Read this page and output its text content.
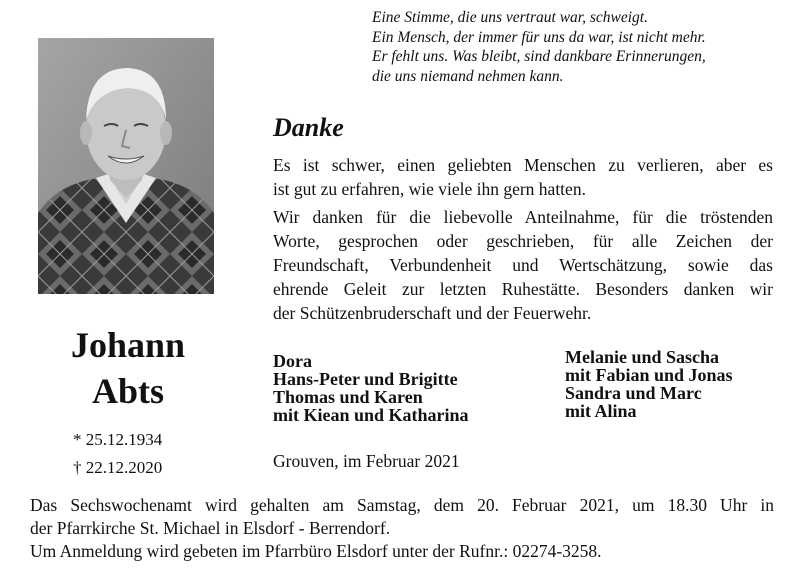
Eine Stimme, die uns vertraut war, schweigt.
Ein Mensch, der immer für uns da war, ist nicht mehr.
Er fehlt uns. Was bleibt, sind dankbare Erinnerungen,
die uns niemand nehmen kann.
Danke
Es ist schwer, einen geliebten Menschen zu verlieren, aber es
ist gut zu erfahren, wie viele ihn gern hatten.
Wir danken für die liebevolle Anteilnahme, für die tröstenden
Worte, gesprochen oder geschrieben, für alle Zeichen der
Freundschaft, Verbundenheit und Wertschätzung, sowie das
ehrende Geleit zur letzten Ruhestätte. Besonders danken wir
der Schützenbruderschaft und der Feuerwehr.
Johann
Abts
* 25.12.1934
† 22.12.2020
Dora
Hans-Peter und Brigitte
Thomas und Karen
mit Kiean und Katharina
Melanie und Sascha
mit Fabian und Jonas
Sandra und Marc
mit Alina
Grouven, im Februar 2021
Das Sechswochenamt wird gehalten am Samstag, dem 20. Februar 2021, um 18.30 Uhr in
der Pfarrkirche St. Michael in Elsdorf - Berrendorf.
Um Anmeldung wird gebeten im Pfarrbüro Elsdorf unter der Rufnr.: 02274-3258.
